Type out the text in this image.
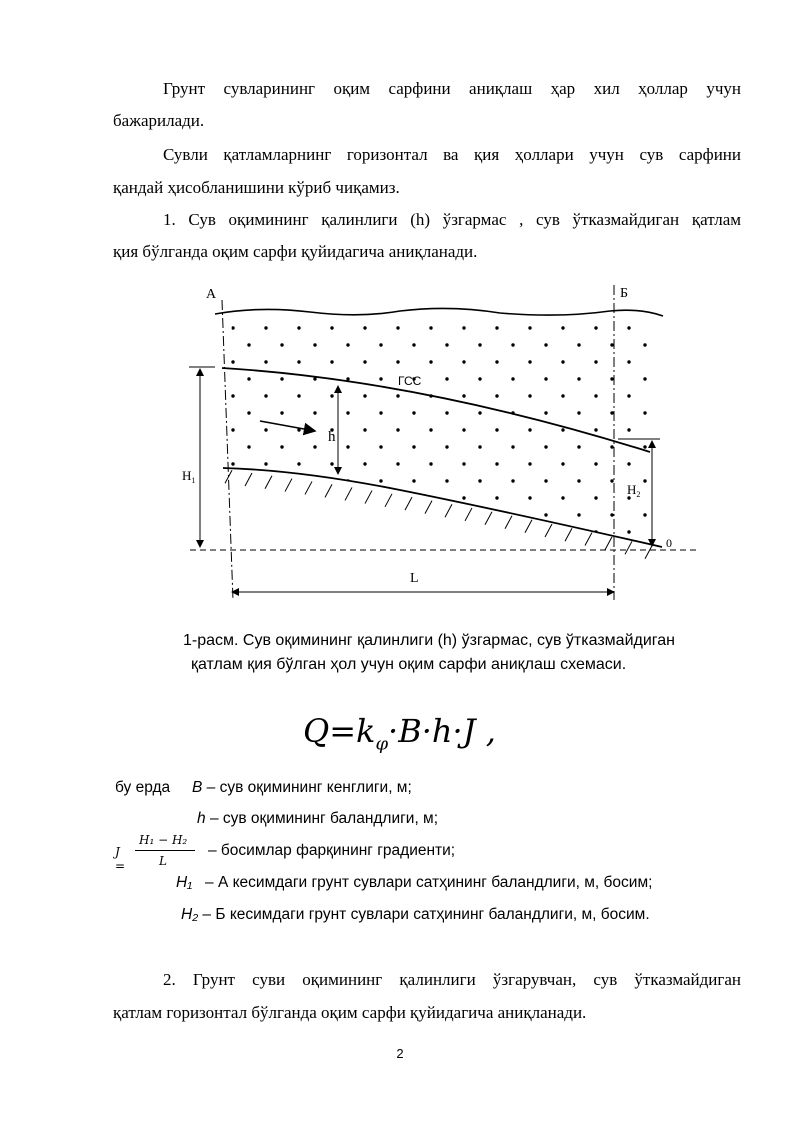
Грунт сувларининг оқим сарфини аниқлаш ҳар хил ҳоллар учун
бажарилади.
Сувли қатламларнинг горизонтал ва қия ҳоллари учун сув сарфини
қандай ҳисобланишини кўриб чиқамиз.
1. Сув оқимининг қалинлиги (h) ўзгармас , сув ўтказмайдиган қатлам
қия бўлганда оқим сарфи қуйидагича аниқланади.
А	Б
ГСС
h
$H_1$
$H_2$
L
0
1-расм. Сув оқимининг қалинлиги (h) ўзгармас, сув ўтказмайдиган
қатлам қия бўлган ҳол учун оқим сарфи аниқлаш схемаси.
$Q=k_\varphi\cdot B\cdot h\cdot J$ ,
бу ерда B – сув оқимининг кенглиги, м;
h – сув оқимининг баландлиги, м;
J =
H₁ − H₂
L
– босимлар фарқининг градиенти;
H₁ – А кесимдаги грунт сувлари сатҳининг баландлиги, м, босим;
H₂ – Б кесимдаги грунт сувлари сатҳининг баландлиги, м, босим.
2. Грунт суви оқимининг қалинлиги ўзгарувчан, сув ўтказмайдиган
қатлам горизонтал бўлганда оқим сарфи қуйидагича аниқланади.
2
